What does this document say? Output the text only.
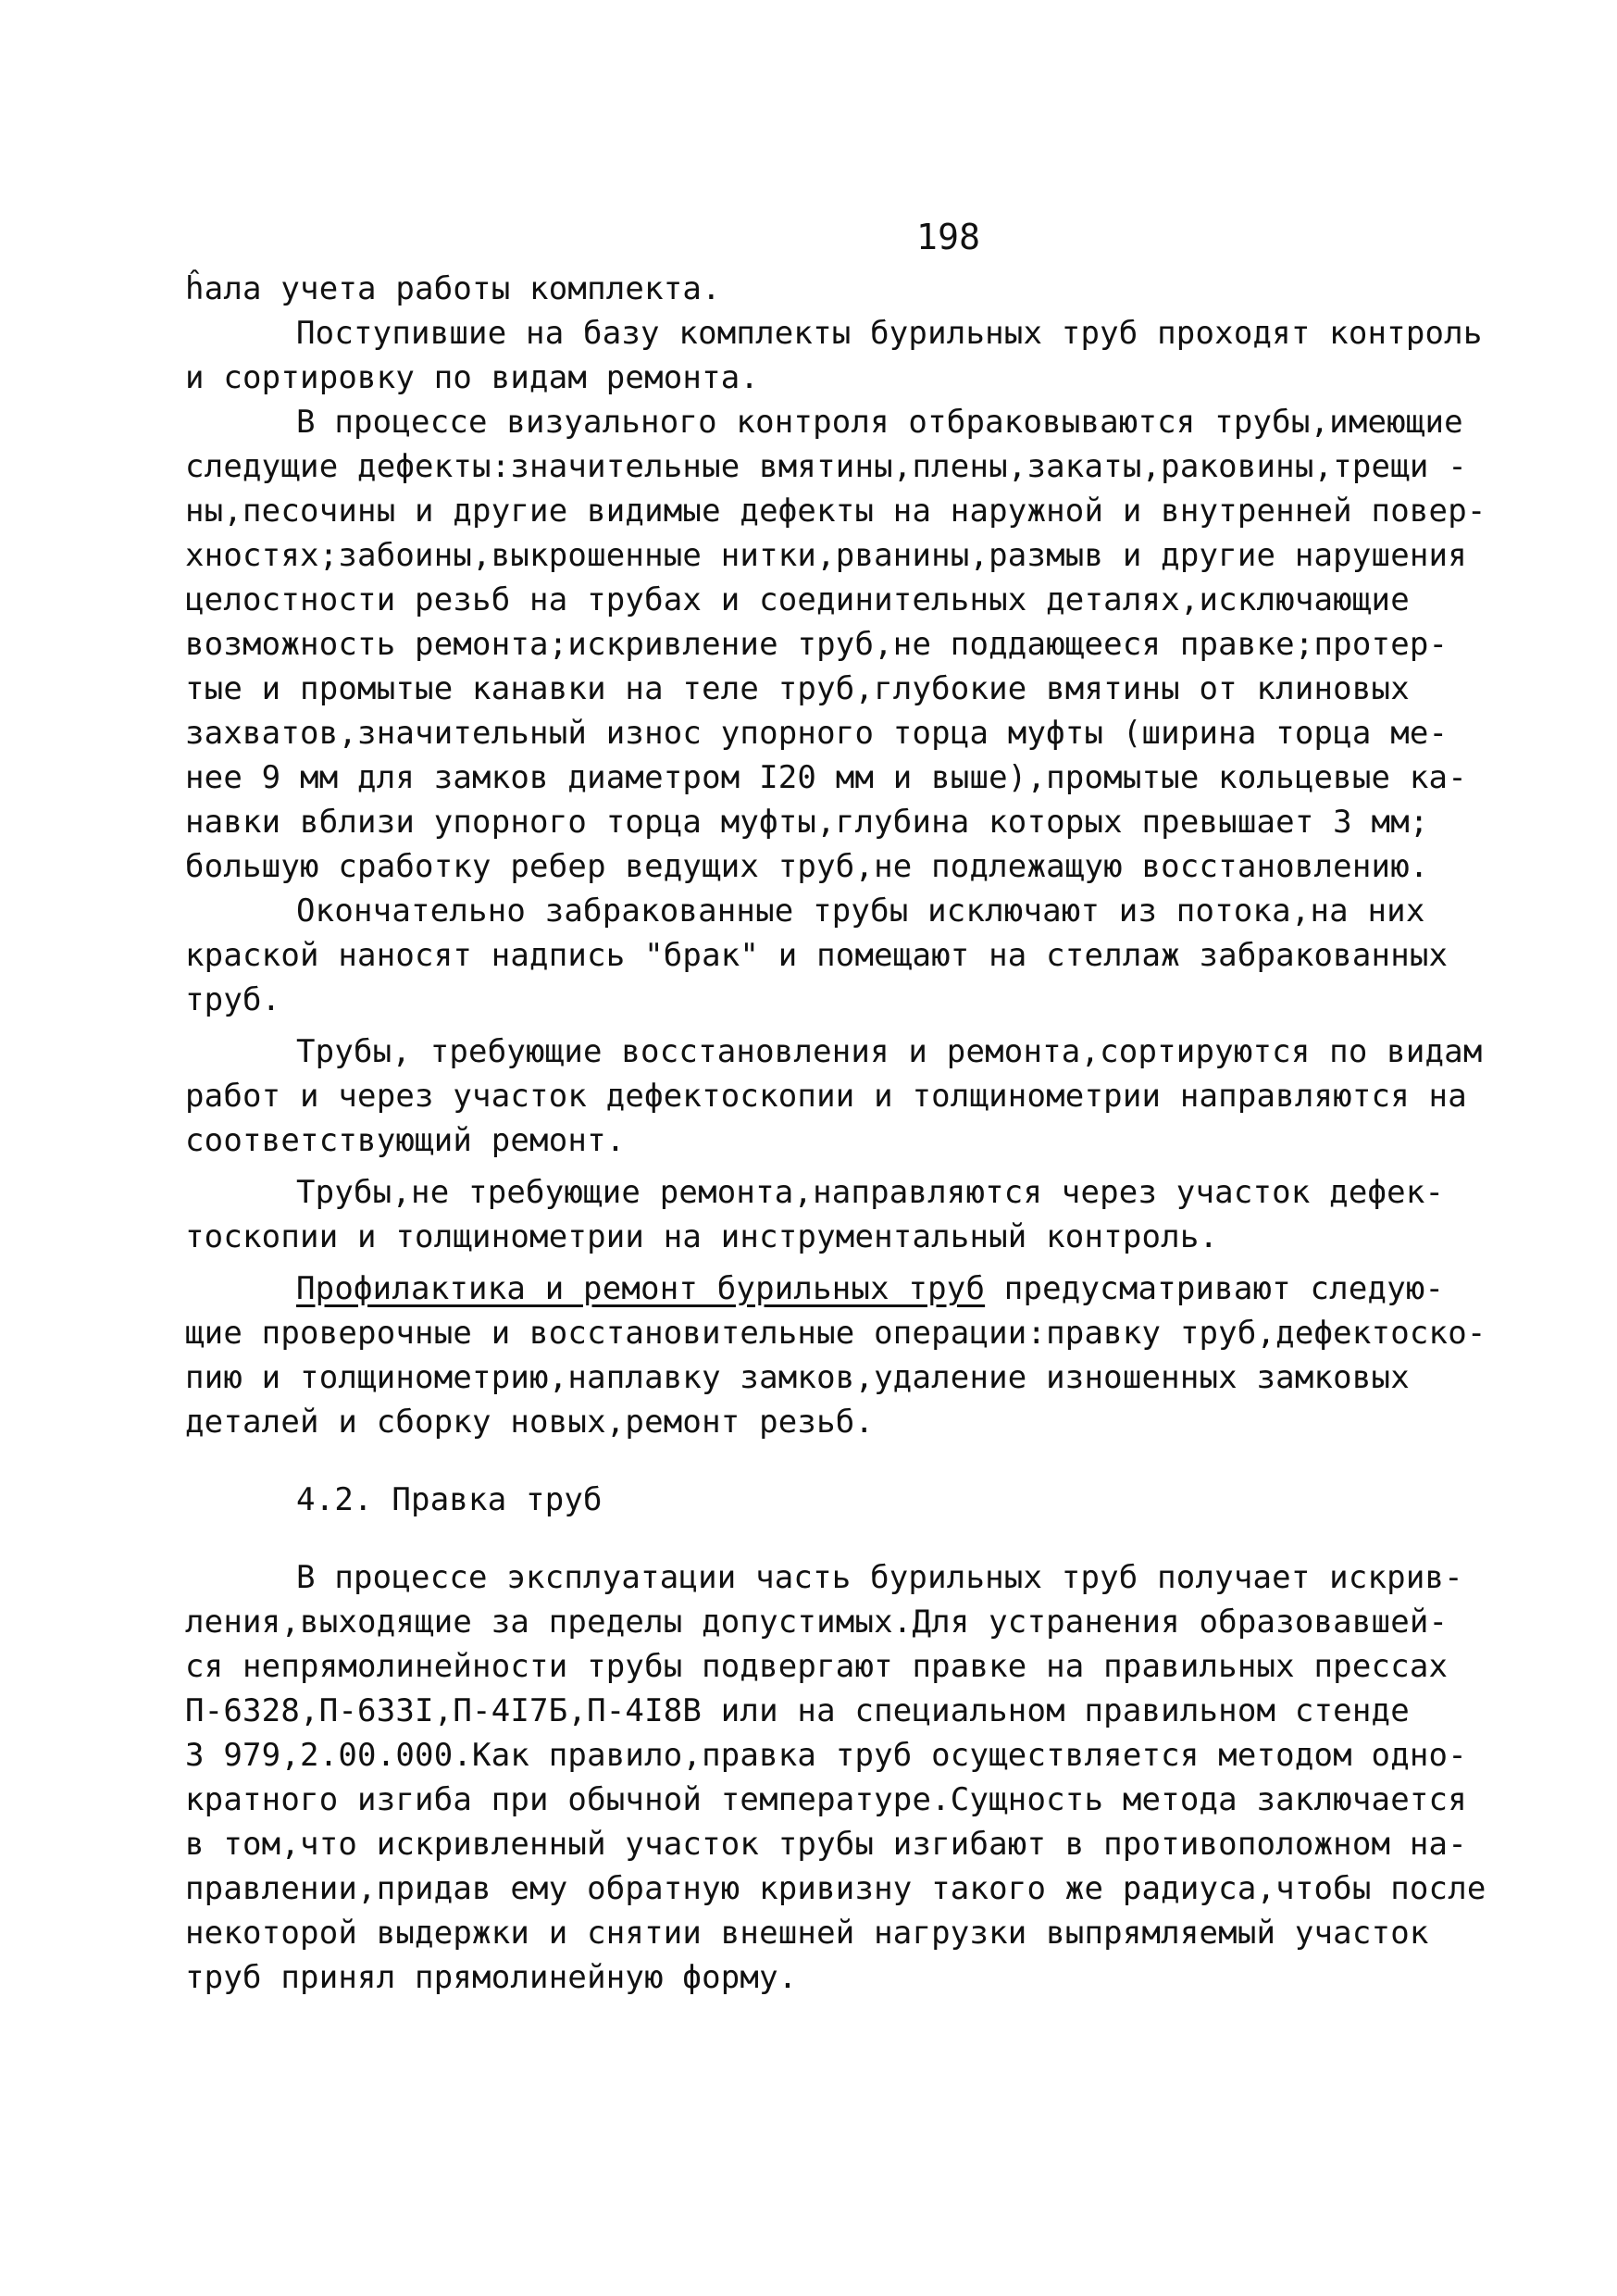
198
ĥала учета работы комплекта.
Поступившие на базу комплекты бурильных труб проходят контроль
и сортировку по видам ремонта.
В процессе визуального контроля отбраковываются трубы,имеющие
следущие дефекты:значительные вмятины,плены,закаты,раковины,трещи -
ны,песочины и другие видимые дефекты на наружной и внутренней повер-
хностях;забоины,выкрошенные нитки,рванины,размыв и другие нарушения
целостности резьб на трубах и соединительных деталях,исключающие
возможность ремонта;искривление труб,не поддающееся правке;протер-
тые и промытые канавки на теле труб,глубокие вмятины от клиновых
захватов,значительный износ упорного торца муфты (ширина торца ме-
нее 9 мм для замков диаметром I20 мм и выше),промытые кольцевые ка-
навки вблизи упорного торца муфты,глубина которых превышает 3 мм;
большую сработку ребер ведущих труб,не подлежащую восстановлению.
Окончательно забракованные трубы исключают из потока,на них
краской наносят надпись "брак" и помещают на стеллаж забракованных
труб.
Трубы, требующие восстановления и ремонта,сортируются по видам
работ и через участок дефектоскопии и толщинометрии направляются на
соответствующий ремонт.
Трубы,не требующие ремонта,направляются через участок дефек-
тоскопии и толщинометрии на инструментальный контроль.
Профилактика и ремонт бурильных труб предусматривают следую-
щие проверочные и восстановительные операции:правку труб,дефектоско-
пию и толщинометрию,наплавку замков,удаление изношенных замковых
деталей и сборку новых,ремонт резьб.
4.2. Правка труб
В процессе эксплуатации часть бурильных труб получает искрив-
ления,выходящие за пределы допустимых.Для устранения образовавшей-
ся непрямолинейности трубы подвергают правке на правильных прессах
П-6328,П-633I,П-4I7Б,П-4I8В или на специальном правильном стенде
3 979,2.00.000.Как правило,правка труб осуществляется методом одно-
кратного изгиба при обычной температуре.Сущность метода заключается
в том,что искривленный участок трубы изгибают в противоположном на-
правлении,придав ему обратную кривизну такого же радиуса,чтобы после
некоторой выдержки и снятии внешней нагрузки выпрямляемый участок
труб принял прямолинейную форму.
